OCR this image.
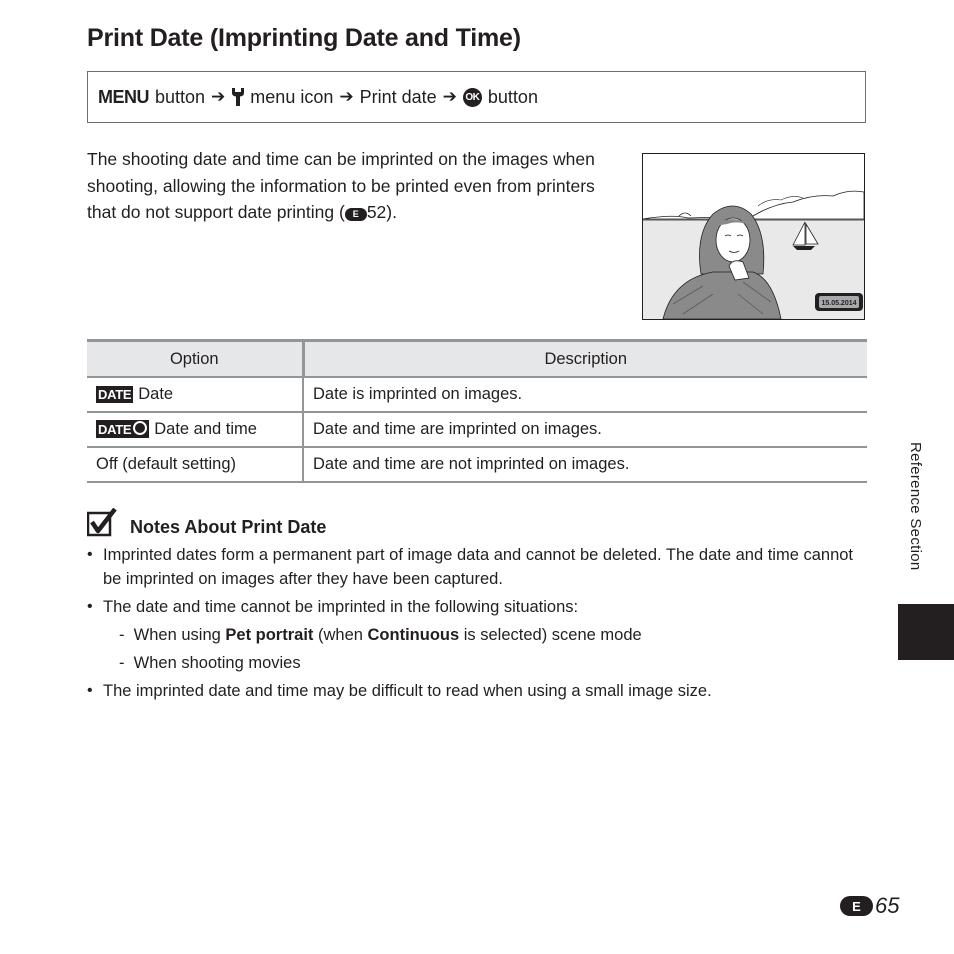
Print Date (Imprinting Date and Time)
MENU button ➔ menu icon ➔ Print date ➔ OK button
The shooting date and time can be imprinted on the images when shooting, allowing the information to be printed even from printers that do not support date printing ( E 52).
15.05.2014
Option	Description
DATE Date	Date is imprinted on images.
DATE Date and time	Date and time are imprinted on images.
Off (default setting)	Date and time are not imprinted on images.
Notes About Print Date
• Imprinted dates form a permanent part of image data and cannot be deleted. The date and time cannot be imprinted on images after they have been captured.
• The date and time cannot be imprinted in the following situations:
- When using Pet portrait (when Continuous is selected) scene mode
- When shooting movies
• The imprinted date and time may be difficult to read when using a small image size.
Reference Section
E 65
